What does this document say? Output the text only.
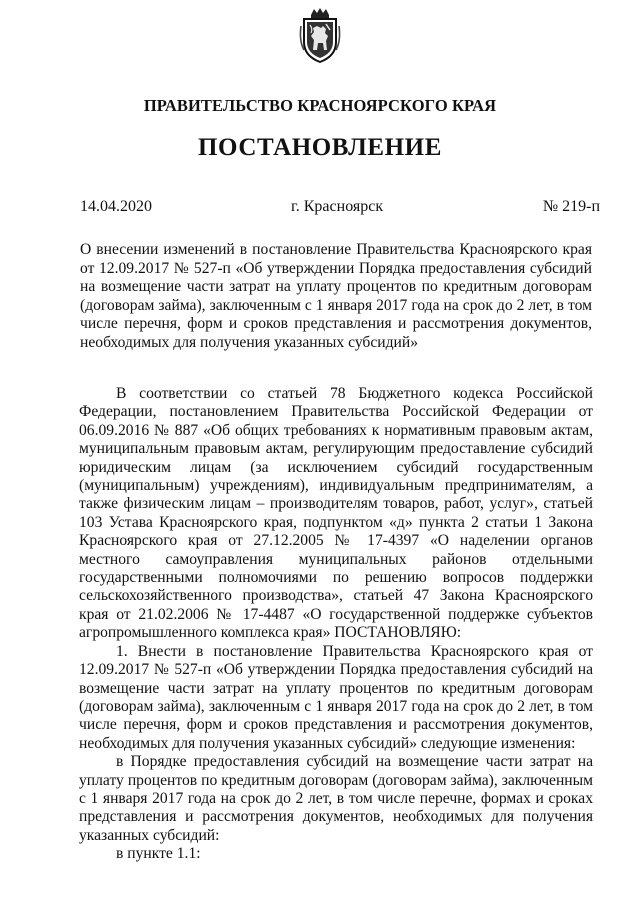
ПРАВИТЕЛЬСТВО КРАСНОЯРСКОГО КРАЯ
ПОСТАНОВЛЕНИЕ
14.04.2020	г. Красноярск	№ 219-п
О внесении изменений в постановление Правительства Красноярского края от 12.09.2017 № 527-п «Об утверждении Порядка предоставления субсидий на возмещение части затрат на уплату процентов по кредитным договорам (договорам займа), заключенным с 1 января 2017 года на срок до 2 лет, в том числе перечня, форм и сроков представления и рассмотрения документов, необходимых для получения указанных субсидий»

В соответствии со статьей 78 Бюджетного кодекса Российской Федерации, постановлением Правительства Российской Федерации от 06.09.2016 № 887 «Об общих требованиях к нормативным правовым актам, муниципальным правовым актам, регулирующим предоставление субсидий юридическим лицам (за исключением субсидий государственным (муниципальным) учреждениям), индивидуальным предпринимателям, а также физическим лицам – производителям товаров, работ, услуг», статьей 103 Устава Красноярского края, подпунктом «д» пункта 2 статьи 1 Закона Красноярского края от 27.12.2005 № 17-4397 «О наделении органов местного самоуправления муниципальных районов отдельными государственными полномочиями по решению вопросов поддержки сельскохозяйственного производства», статьей 47 Закона Красноярского края от 21.02.2006 № 17-4487 «О государственной поддержке субъектов агропромышленного комплекса края» ПОСТАНОВЛЯЮ:

1. Внести в постановление Правительства Красноярского края от 12.09.2017 № 527-п «Об утверждении Порядка предоставления субсидий на возмещение части затрат на уплату процентов по кредитным договорам (договорам займа), заключенным с 1 января 2017 года на срок до 2 лет, в том числе перечня, форм и сроков представления и рассмотрения документов, необходимых для получения указанных субсидий» следующие изменения:

в Порядке предоставления субсидий на возмещение части затрат на уплату процентов по кредитным договорам (договорам займа), заключенным с 1 января 2017 года на срок до 2 лет, в том числе перечне, формах и сроках представления и рассмотрения документов, необходимых для получения указанных субсидий:

в пункте 1.1:
